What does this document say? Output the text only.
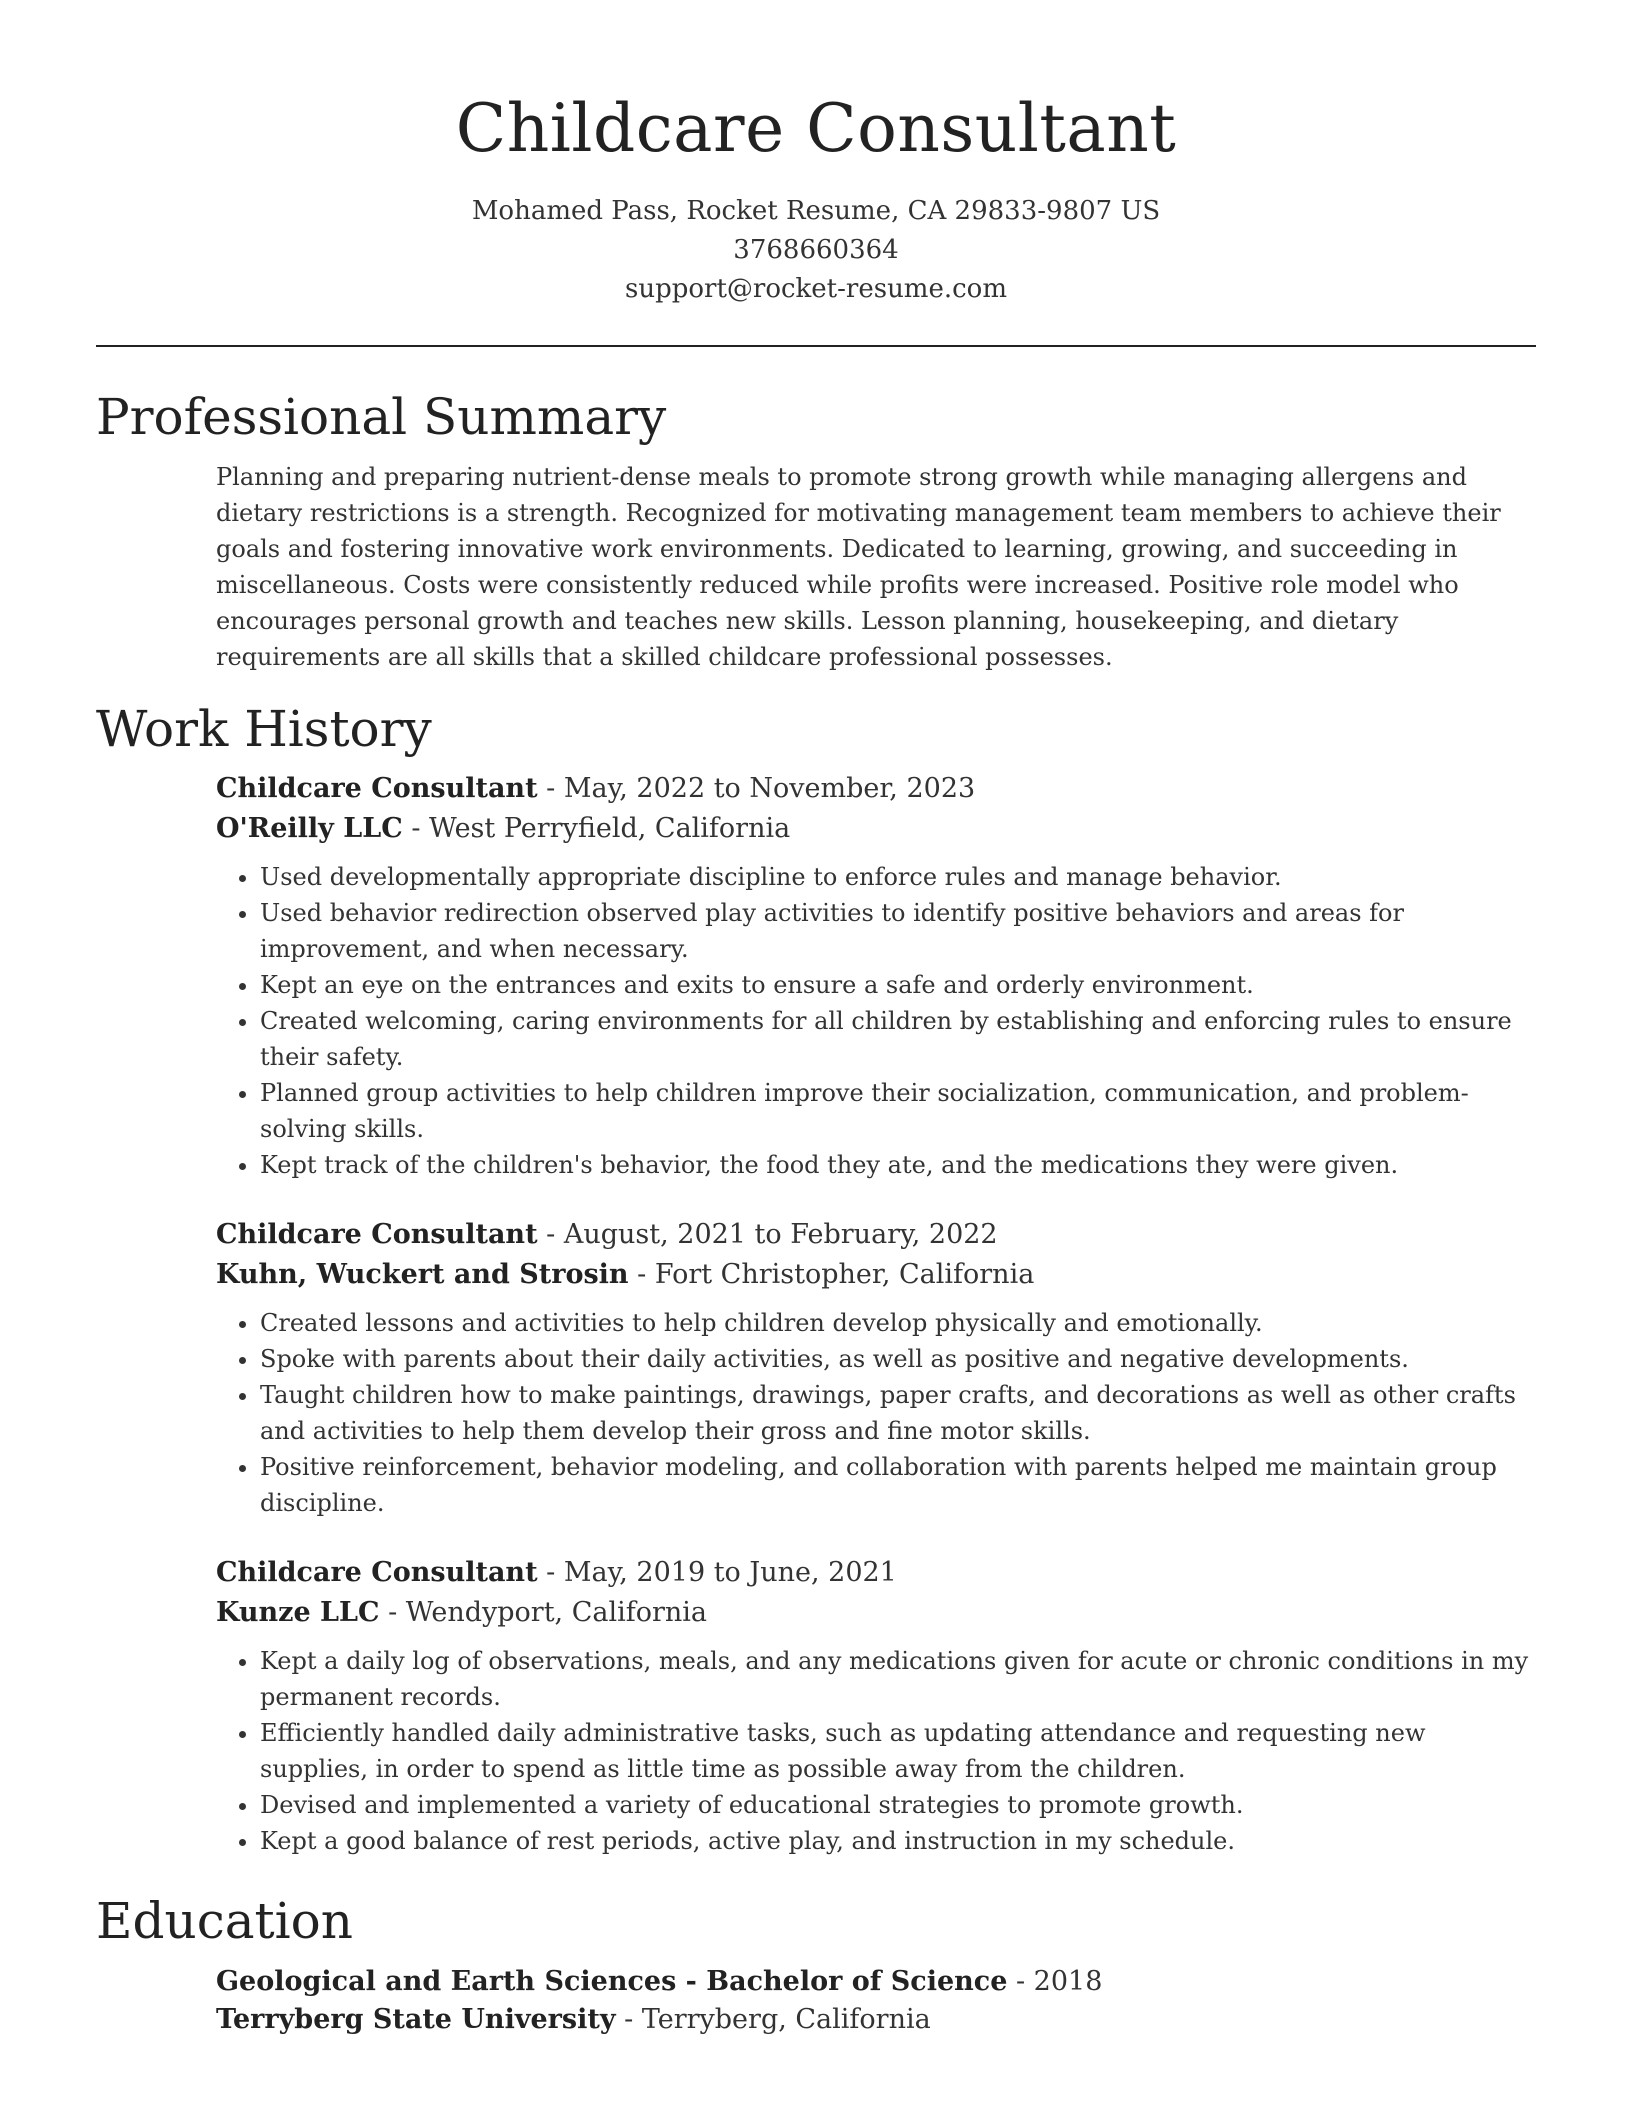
Childcare Consultant
Mohamed Pass, Rocket Resume, CA 29833-9807 US
3768660364
support@rocket-resume.com
Professional Summary

Planning and preparing nutrient-dense meals to promote strong growth while managing allergens and dietary restrictions is a strength. Recognized for motivating management team members to achieve their goals and fostering innovative work environments. Dedicated to learning, growing, and succeeding in miscellaneous. Costs were consistently reduced while profits were increased. Positive role model who encourages personal growth and teaches new skills. Lesson planning, housekeeping, and dietary requirements are all skills that a skilled childcare professional possesses.

Work History
Childcare Consultant - May, 2022 to November, 2023
O'Reilly LLC - West Perryfield, California
• Used developmentally appropriate discipline to enforce rules and manage behavior.
• Used behavior redirection observed play activities to identify positive behaviors and areas for improvement, and when necessary.
• Kept an eye on the entrances and exits to ensure a safe and orderly environment.
• Created welcoming, caring environments for all children by establishing and enforcing rules to ensure their safety.
• Planned group activities to help children improve their socialization, communication, and problem-solving skills.
• Kept track of the children's behavior, the food they ate, and the medications they were given.
Childcare Consultant - August, 2021 to February, 2022
Kuhn, Wuckert and Strosin - Fort Christopher, California
• Created lessons and activities to help children develop physically and emotionally.
• Spoke with parents about their daily activities, as well as positive and negative developments.
• Taught children how to make paintings, drawings, paper crafts, and decorations as well as other crafts and activities to help them develop their gross and fine motor skills.
• Positive reinforcement, behavior modeling, and collaboration with parents helped me maintain group discipline.
Childcare Consultant - May, 2019 to June, 2021
Kunze LLC - Wendyport, California
• Kept a daily log of observations, meals, and any medications given for acute or chronic conditions in my permanent records.
• Efficiently handled daily administrative tasks, such as updating attendance and requesting new supplies, in order to spend as little time as possible away from the children.
• Devised and implemented a variety of educational strategies to promote growth.
• Kept a good balance of rest periods, active play, and instruction in my schedule.
Education
Geological and Earth Sciences - Bachelor of Science - 2018
Terryberg State University - Terryberg, California
